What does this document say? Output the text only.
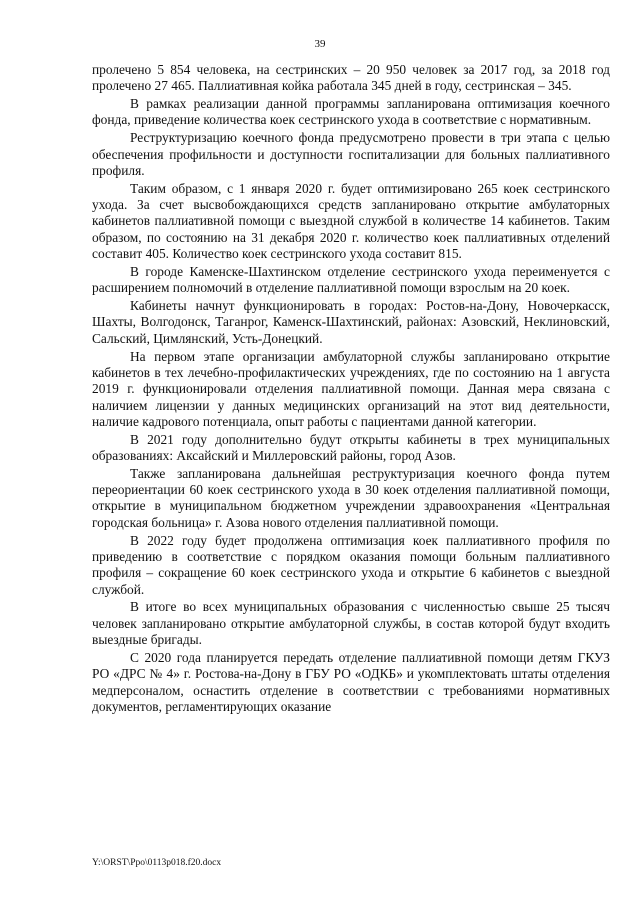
39

пролечено 5 854 человека, на сестринских – 20 950 человек за 2017 год, за 2018 год пролечено 27 465. Паллиативная койка работала 345 дней в году, сестринская – 345.

В рамках реализации данной программы запланирована оптимизация коечного фонда, приведение количества коек сестринского ухода в соответствие с нормативным.

Реструктуризацию коечного фонда предусмотрено провести в три этапа с целью обеспечения профильности и доступности госпитализации для больных паллиативного профиля.

Таким образом, с 1 января 2020 г. будет оптимизировано 265 коек сестринского ухода. За счет высвобождающихся средств запланировано открытие амбулаторных кабинетов паллиативной помощи с выездной службой в количестве 14 кабинетов. Таким образом, по состоянию на 31 декабря 2020 г. количество коек паллиативных отделений составит 405. Количество коек сестринского ухода составит 815.

В городе Каменске-Шахтинском отделение сестринского ухода переименуется с расширением полномочий в отделение паллиативной помощи взрослым на 20 коек.

Кабинеты начнут функционировать в городах: Ростов-на-Дону, Новочеркасск, Шахты, Волгодонск, Таганрог, Каменск-Шахтинский, районах: Азовский, Неклиновский, Сальский, Цимлянский, Усть-Донецкий.

На первом этапе организации амбулаторной службы запланировано открытие кабинетов в тех лечебно-профилактических учреждениях, где по состоянию на 1 августа 2019 г. функционировали отделения паллиативной помощи. Данная мера связана с наличием лицензии у данных медицинских организаций на этот вид деятельности, наличие кадрового потенциала, опыт работы с пациентами данной категории.

В 2021 году дополнительно будут открыты кабинеты в трех муниципальных образованиях: Аксайский и Миллеровский районы, город Азов.

Также запланирована дальнейшая реструктуризация коечного фонда путем переориентации 60 коек сестринского ухода в 30 коек отделения паллиативной помощи, открытие в муниципальном бюджетном учреждении здравоохранения «Центральная городская больница» г. Азова нового отделения паллиативной помощи.

В 2022 году будет продолжена оптимизация коек паллиативного профиля по приведению в соответствие с порядком оказания помощи больным паллиативного профиля – сокращение 60 коек сестринского ухода и открытие 6 кабинетов с выездной службой.

В итоге во всех муниципальных образования с численностью свыше 25 тысяч человек запланировано открытие амбулаторной службы, в состав которой будут входить выездные бригады.

С 2020 года планируется передать отделение паллиативной помощи детям ГКУЗ РО «ДРС № 4» г. Ростова-на-Дону в ГБУ РО «ОДКБ» и укомплектовать штаты отделения медперсоналом, оснастить отделение в соответствии с требованиями нормативных документов, регламентирующих оказание

Y:\ORST\Ppo\0113p018.f20.docx
